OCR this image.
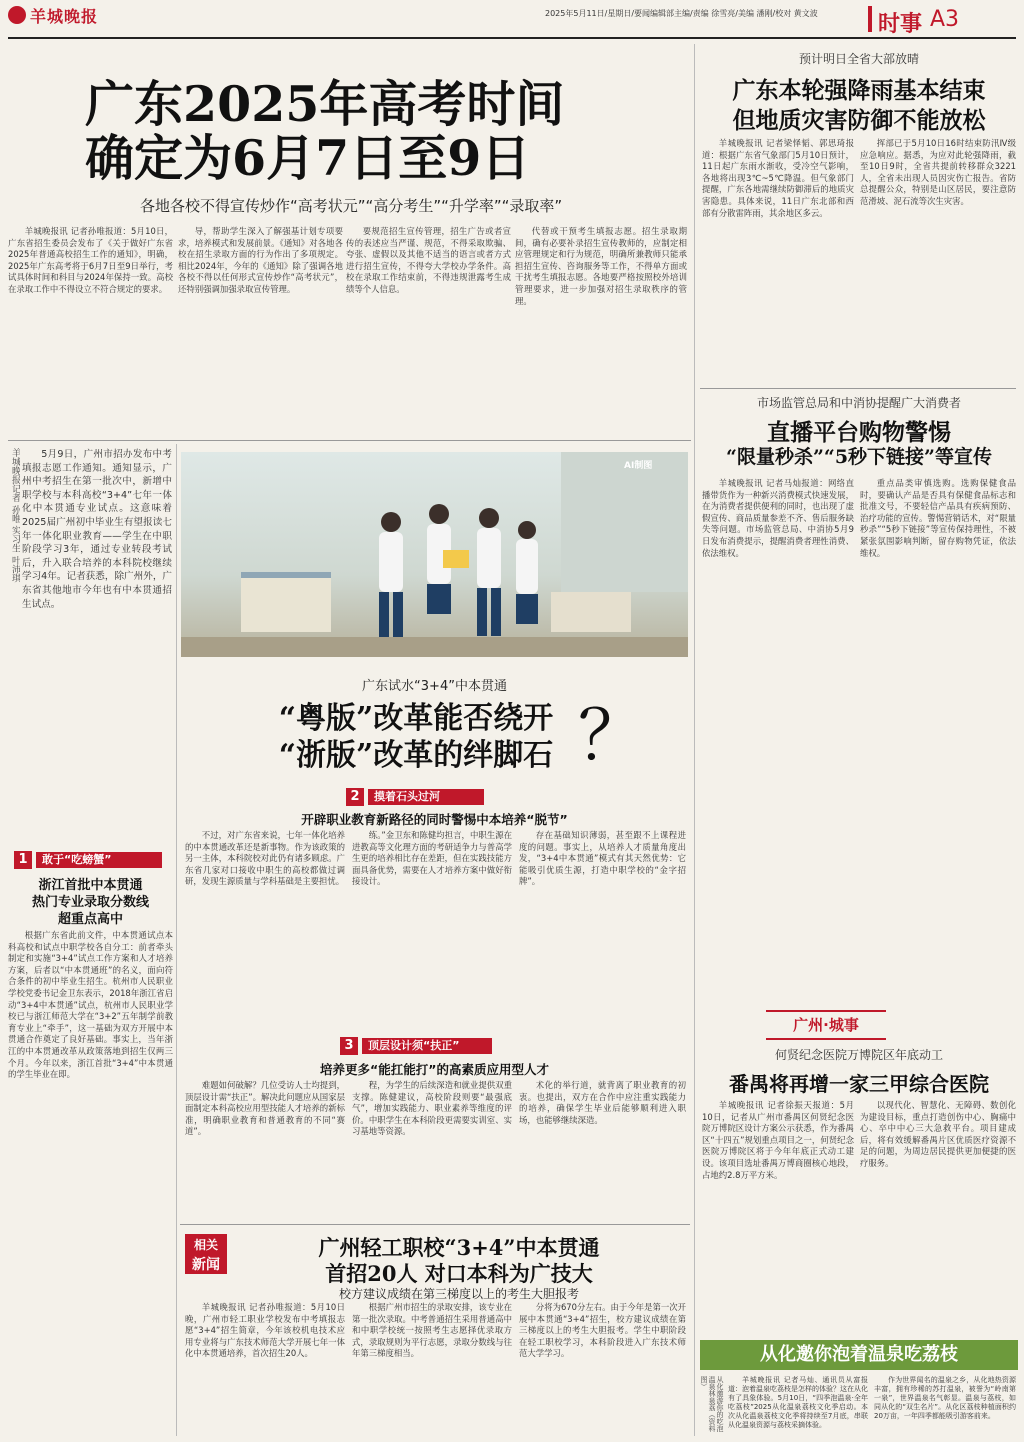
羊城晚报	2025年5月11日/星期日/要闻编辑部主编/责编 徐雪亮/美编 潘刚/校对 黄文波	时事 A3
广东2025年高考时间
确定为6月7日至9日
各地各校不得宣传炒作“高考状元”“高分考生”“升学率”“录取率”

羊城晚报讯 记者孙唯报道：5月10日，广东省招生委员会发布了《关于做好广东省2025年普通高校招生工作的通知》，明确，2025年广东高考将于6月7日至9日举行，考试具体时间和科目与2024年保持一致。高校在录取工作中不得设立不符合规定的要求。

导，帮助学生深入了解强基计划专项要求，培养模式和发展前景。《通知》对各地各校在招生录取方面的行为作出了多项规定。相比2024年，今年的《通知》除了强调各地各校不得以任何形式宣传炒作“高考状元”，还特别强调加强录取宣传管理。

要规范招生宣传管理，招生广告或者宣传的表述应当严谨、规范，不得采取欺骗、夸张、虚假以及其他不适当的语言或者方式进行招生宣传，不得夸大学校办学条件。高校在录取工作结束前，不得违规泄露考生成绩等个人信息。

代替或干预考生填报志愿。招生录取期间，确有必要补录招生宣传教师的，应制定相应管理规定和行为规范，明确所兼教师只能承担招生宣传、咨询服务等工作，不得单方面或干扰考生填报志愿。各地要严格按照校外培训管理要求，进一步加强对招生录取秩序的管理。

预计明日全省大部放晴
广东本轮强降雨基本结束
但地质灾害防御不能放松

羊城晚报讯 记者梁怿韬、郭思琦报道：根据广东省气象部门5月10日预计，11日起广东雨水渐收，受冷空气影响，各地将出现3℃~5℃降温。但气象部门提醒，广东各地需继续防御滞后的地质灾害隐患。具体来说，11日广东北部和西部有分散雷阵雨，其余地区多云。

挥部已于5月10日16时结束防汛Ⅳ级应急响应。据悉，为应对此轮强降雨，截至10日9时，全省共提前转移群众3221人，全省未出现人员因灾伤亡报告。省防总提醒公众，特别是山区居民，要注意防范滑坡、泥石流等次生灾害。

市场监管总局和中消协提醒广大消费者
直播平台购物警惕
“限量秒杀”“5秒下链接”等宣传

羊城晚报讯 记者马灿报道：网络直播带货作为一种新兴消费模式快速发展，在为消费者提供便利的同时，也出现了虚假宣传、商品质量参差不齐、售后服务缺失等问题。市场监管总局、中消协5月9日发布消费提示，提醒消费者理性消费、依法维权。

重点品类审慎选购。选购保健食品时，要确认产品是否具有保健食品标志和批准文号，不要轻信产品具有疾病预防、治疗功能的宣传。警惕营销话术，对“限量秒杀”“5秒下链接”等宣传保持理性，不被紧张氛围影响判断，留存购物凭证，依法维权。

广州·城事
何贤纪念医院万博院区年底动工
番禺将再增一家三甲综合医院

羊城晚报讯 记者徐振天报道：5月10日，记者从广州市番禺区何贤纪念医院万博院区设计方案公示获悉，作为番禺区“十四五”规划重点项目之一，何贤纪念医院万博院区将于今年年底正式动工建设。该项目选址番禺万博商圈核心地段，占地约2.8万平方米。

以现代化、智慧化、无障碍、数创化为建设目标，重点打造创伤中心、胸痛中心、卒中中心三大急救平台。项目建成后，将有效缓解番禺片区优质医疗资源不足的问题，为周边居民提供更加便捷的医疗服务。

从化邀你泡着温泉吃荔枝
从化邀游你的吃泡温泉林泉荔（资料图）	羊城晚报讯 记者马灿、通讯员从富报道：泡着温泉吃荔枝是怎样的体验？这在从化有了具象体验。5月10日，“四季泡温泉·全年吃荔枝”2025从化温泉荔枝文化季启动。本次从化温泉荔枝文化季将持续至7月底，串联从化温泉资源与荔枝采摘体验。

作为世界闻名的温泉之乡，从化地热资源丰富，拥有珍稀的苏打温泉，被誉为“岭南第一泉”，世界温泉名气彰显。温泉与荔枝，如同从化的“双生名片”。从化区荔枝种植面积约20万亩，一年四季都能吸引游客前来。

羊城晚报记者 孙唯 实习生 叶沛琪	5月9日，广州市招办发布中考填报志愿工作通知。通知显示，广州中考招生在第一批次中，新增中职学校与本科高校“3+4”七年一体化中本贯通专业试点。这意味着2025届广州初中毕业生有望报读七年一体化职业教育——学生在中职阶段学习3年，通过专业转段考试后，升入联合培养的本科院校继续学习4年。记者获悉，除广州外，广东省其他地市今年也有中本贯通招生试点。

1	敢于“吃螃蟹”
浙江首批中本贯通
热门专业录取分数线
超重点高中

根据广东省此前文件，中本贯通试点本科高校和试点中职学校各自分工：前者牵头制定和实施“3+4”试点工作方案和人才培养方案，后者以“中本贯通班”的名义，面向符合条件的初中毕业生招生。杭州市人民职业学校党委书记金卫东表示，2018年浙江省启动“3+4中本贯通”试点，杭州市人民职业学校已与浙江师范大学在“3+2”五年制学前教育专业上“牵手”，这一基础为双方开展中本贯通合作奠定了良好基础。事实上，当年浙江的中本贯通改革从政策落地到招生仅两三个月。今年以来，浙江首批“3+4”中本贯通的学生毕业在即。

AI制图
广东试水“3+4”中本贯通
“粤版”改革能否绕开
“浙版”改革的绊脚石 ？
2	摸着石头过河
开辟职业教育新路径的同时警惕中本培养“脱节”

不过，对广东省来说，七年一体化培养的中本贯通改革还是新事物。作为该政策的另一主体，本科院校对此仍有诸多顾虑。广东省几家对口接收中职生的高校都做过调研，发现生源质量与学科基础是主要担忧。

练。”金卫东和陈健均担言，中职生源在进教高等文化理方面的考研适争力与普高学生更的培养相比存在差距，但在实践技能方面具备优势，需要在人才培养方案中做好衔接设计。

存在基础知识薄弱，甚至跟不上课程进度的问题。事实上，从培养人才质量角度出发，“3+4中本贯通”模式有其天然优势：它能吸引优质生源，打造中职学校的“金字招牌”。

3	顶层设计须“扶正”
培养更多“能扛能打”的高素质应用型人才

难题如何破解？几位受访人士均提到，顶层设计需“扶正”。解决此问题应从国家层面制定本科高校应用型技能人才培养的新标准，明确职业教育和普通教育的不同“赛道”。

程，为学生的后续深造和就业提供双重支撑。陈健建议，高校阶段则要“最强底气”，增加实践能力、职业素养等维度的评价。中职学生在本科阶段更需要实训室、实习基地等资源。

术化的举行道，就背离了职业教育的初衷。也提出，双方在合作中应注重实践能力的培养，确保学生毕业后能够顺利进入职场，也能够继续深造。

相关
新闻
广州轻工职校“3+4”中本贯通
首招20人 对口本科为广技大
校方建议成绩在第三梯度以上的考生大胆报考

羊城晚报讯 记者孙唯报道：5月10日晚，广州市轻工职业学校发布中考填报志愿“3+4”招生简章，今年该校机电技术应用专业将与广东技术师范大学开展七年一体化中本贯通培养，首次招生20人。

根据广州市招生的录取安排，该专业在第一批次录取。中考普通招生采用普通高中和中职学校统一按照考生志愿择优录取方式，录取规则为平行志愿，录取分数线与往年第三梯度相当。

分将为670分左右。由于今年是第一次开展中本贯通“3+4”招生，校方建议成绩在第三梯度以上的考生大胆报考。学生中职阶段在轻工职校学习，本科阶段进入广东技术师范大学学习。
